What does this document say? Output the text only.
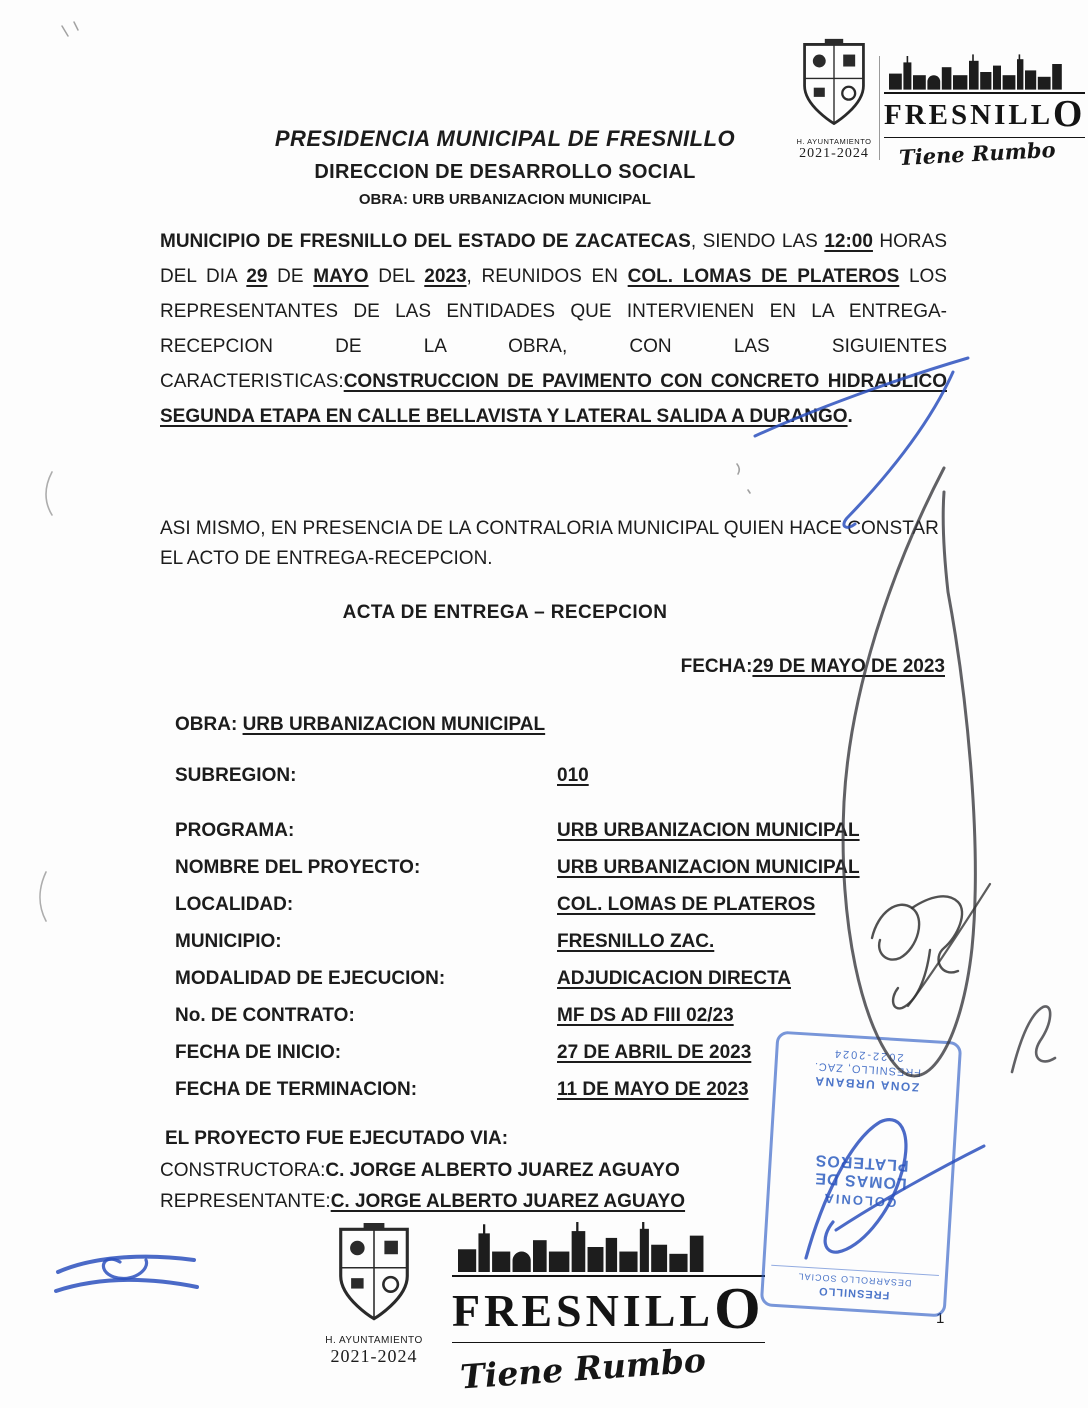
H. AYUNTAMIENTO
2021-2024
FRESNILLO
Tiene Rumbo
PRESIDENCIA MUNICIPAL DE FRESNILLO
DIRECCION DE DESARROLLO SOCIAL
OBRA: URB URBANIZACION MUNICIPAL

MUNICIPIO DE FRESNILLO DEL ESTADO DE ZACATECAS, SIENDO LAS 12:00 HORAS DEL DIA 29 DE MAYO DEL 2023, REUNIDOS EN COL. LOMAS DE PLATEROS LOS REPRESENTANTES DE LAS ENTIDADES QUE INTERVIENEN EN LA ENTREGA-RECEPCION DE LA OBRA, CON LAS SIGUIENTES CARACTERISTICAS:CONSTRUCCION DE PAVIMENTO CON CONCRETO HIDRAULICO SEGUNDA ETAPA EN CALLE BELLAVISTA Y LATERAL SALIDA A DURANGO.

ASI MISMO, EN PRESENCIA DE LA CONTRALORIA MUNICIPAL QUIEN HACE CONSTAR EL ACTO DE ENTREGA-RECEPCION.

ACTA DE ENTREGA – RECEPCION
FECHA:29 DE MAYO DE 2023
OBRA: URB URBANIZACION MUNICIPAL
SUBREGION:	010
PROGRAMA:	URB URBANIZACION MUNICIPAL
NOMBRE DEL PROYECTO:	URB URBANIZACION MUNICIPAL
LOCALIDAD:	COL. LOMAS DE PLATEROS
MUNICIPIO:	FRESNILLO ZAC.
MODALIDAD DE EJECUCION:	ADJUDICACION DIRECTA
No. DE CONTRATO:	MF DS AD FIII 02/23
FECHA DE INICIO:	27 DE ABRIL DE 2023
FECHA DE TERMINACION:	11 DE MAYO DE 2023
EL PROYECTO FUE EJECUTADO VIA:
CONSTRUCTORA:C. JORGE ALBERTO JUAREZ AGUAYO
REPRESENTANTE:C. JORGE ALBERTO JUAREZ AGUAYO
H. AYUNTAMIENTO
2021-2024
FRESNILLO
Tiene Rumbo
FRESNILLO
DESARROLLO SOCIAL
COLONIA
LOMAS DE PLATEROS
ZONA URBANA
FRESNILLO, ZAC.
2022-2024
1
